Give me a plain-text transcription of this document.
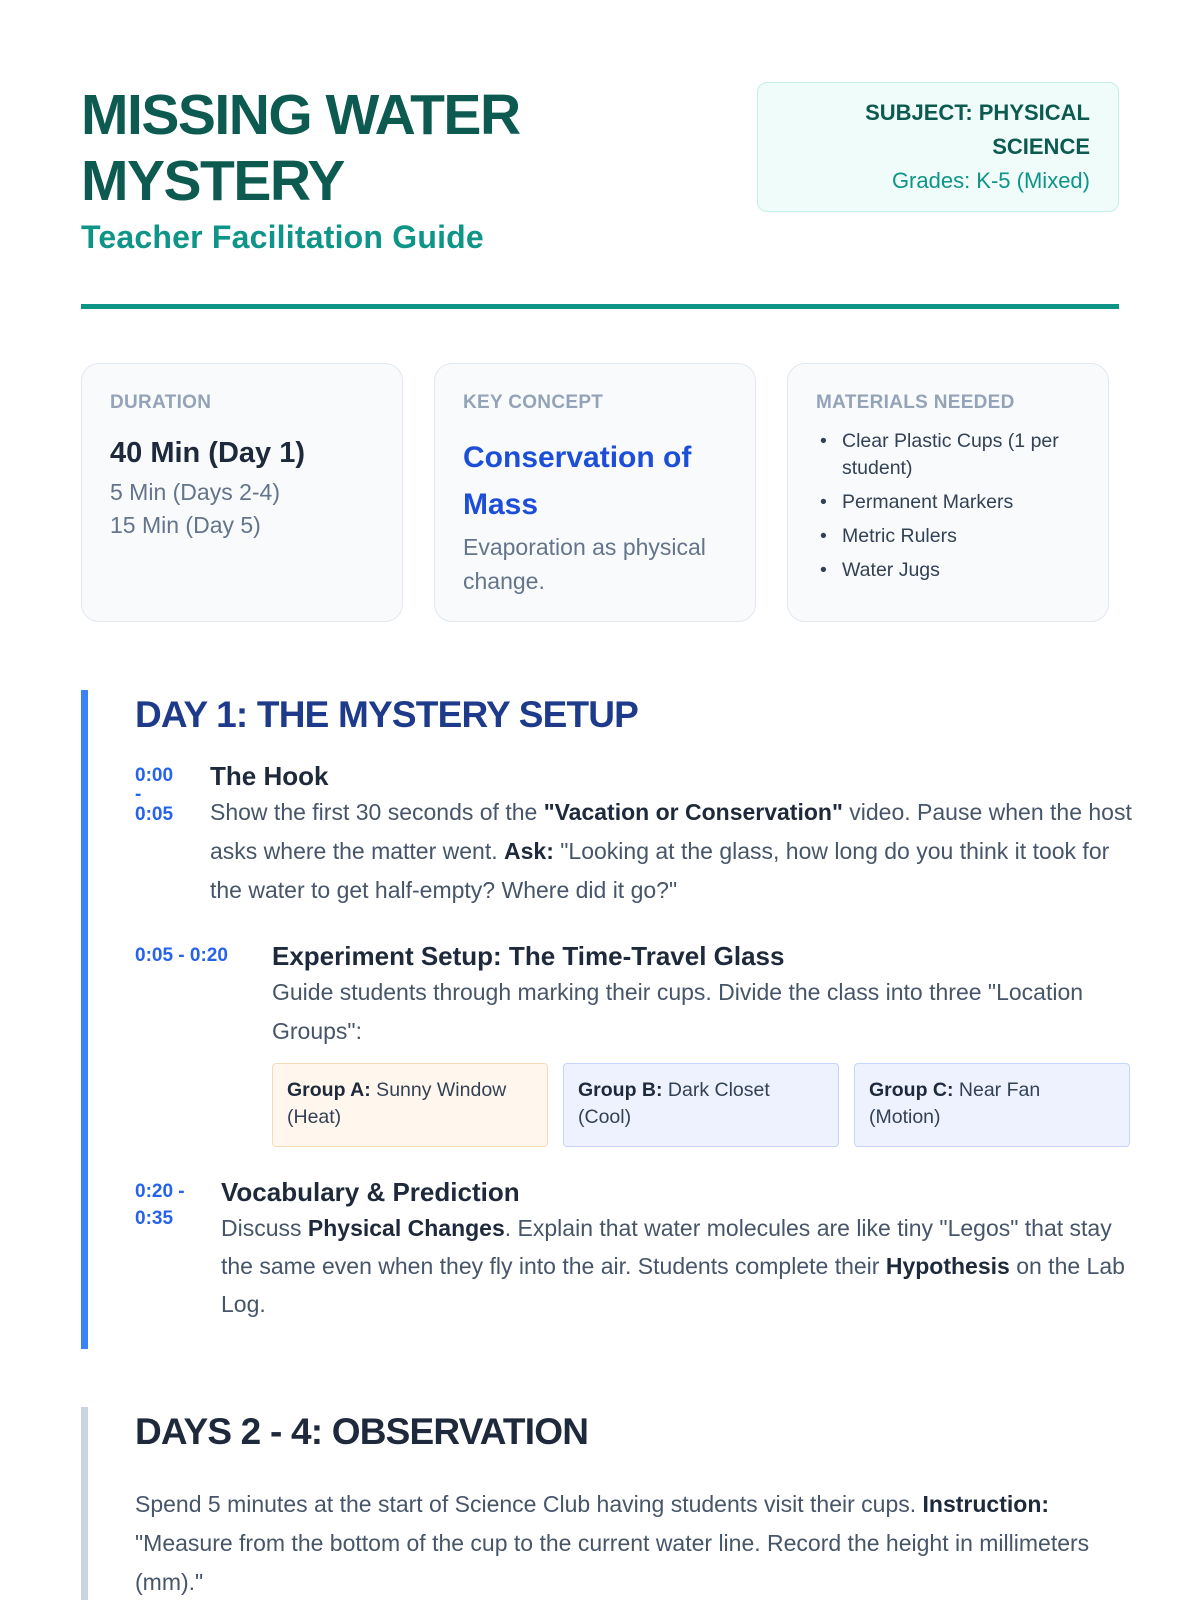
MISSING WATER
MYSTERY
Teacher Facilitation Guide
SUBJECT: PHYSICAL
SCIENCE
Grades: K-5 (Mixed)
DURATION
40 Min (Day 1)
5 Min (Days 2-4)
15 Min (Day 5)
KEY CONCEPT
Conservation of Mass
Evaporation as physical change.
MATERIALS NEEDED
• Clear Plastic Cups (1 per student)
• Permanent Markers
• Metric Rulers
• Water Jugs
DAY 1: THE MYSTERY SETUP
0:00
-
0:05
The Hook
Show the first 30 seconds of the "Vacation or Conservation" video. Pause when the host asks where the matter went. Ask: "Looking at the glass, how long do you think it took for the water to get half-empty? Where did it go?"
0:05 - 0:20 Experiment Setup: The Time-Travel Glass
Guide students through marking their cups. Divide the class into three "Location Groups":
Group A: Sunny Window (Heat)
Group B: Dark Closet (Cool)
Group C: Near Fan (Motion)
0:20 -
0:35
Vocabulary & Prediction
Discuss Physical Changes. Explain that water molecules are like tiny "Legos" that stay the same even when they fly into the air. Students complete their Hypothesis on the Lab Log.
DAYS 2 - 4: OBSERVATION
Spend 5 minutes at the start of Science Club having students visit their cups. Instruction: "Measure from the bottom of the cup to the current water line. Record the height in millimeters (mm)."
